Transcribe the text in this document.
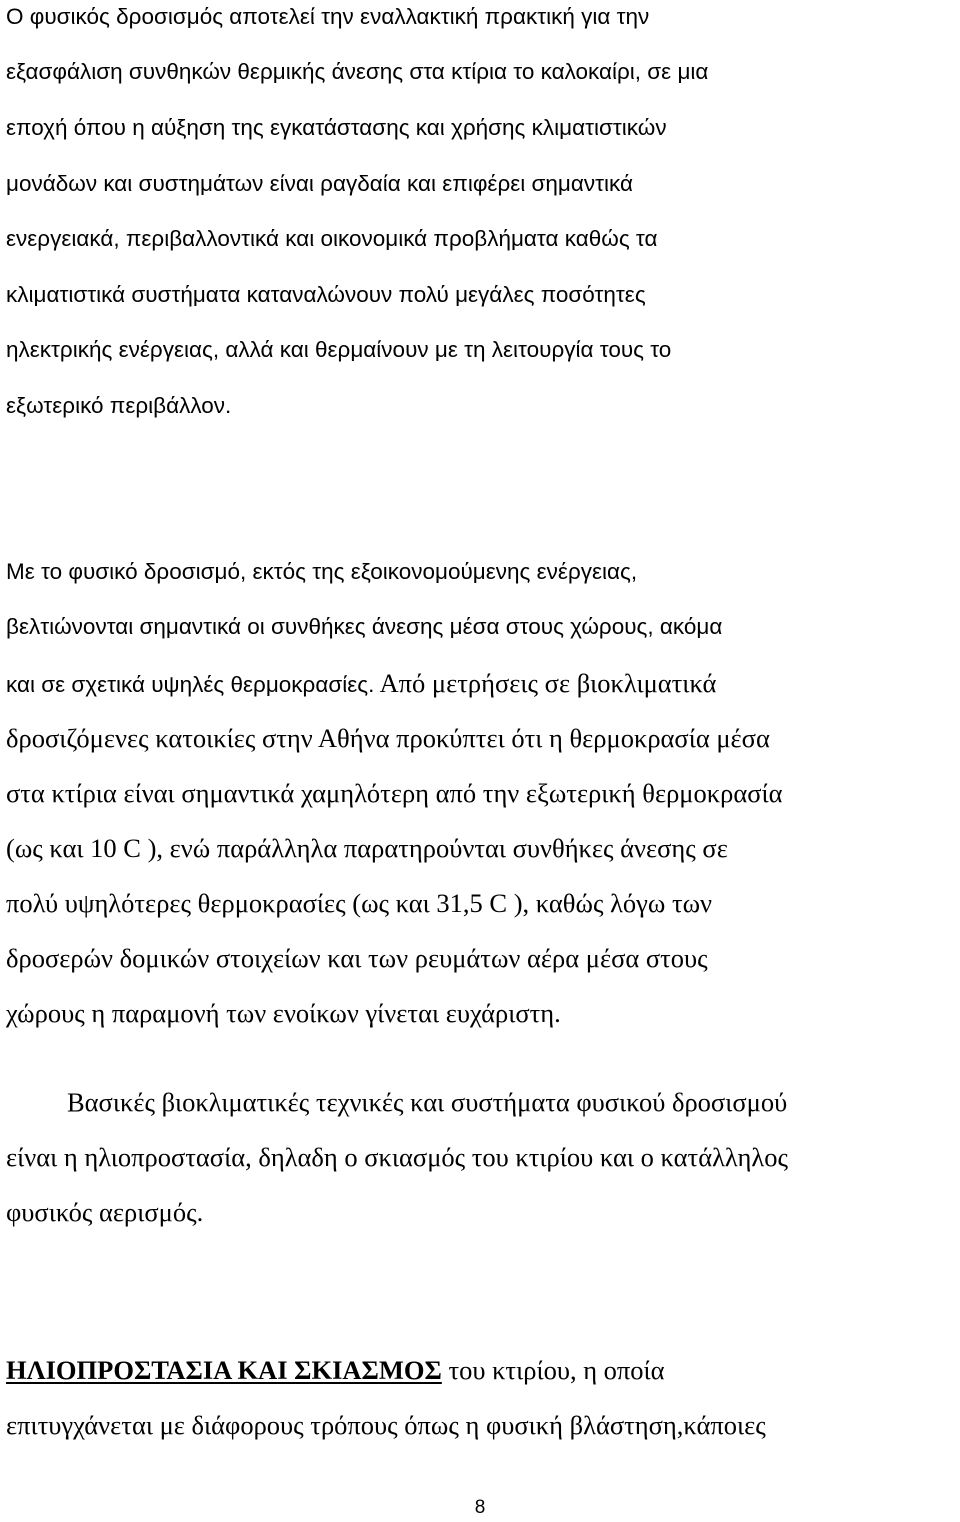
Ο φυσικός δροσισμός αποτελεί την εναλλακτική πρακτική για την

εξασφάλιση συνθηκών θερμικής άνεσης στα κτίρια το καλοκαίρι, σε μια

εποχή όπου η αύξηση της εγκατάστασης και χρήσης κλιματιστικών

μονάδων και συστημάτων είναι ραγδαία και επιφέρει σημαντικά

ενεργειακά, περιβαλλοντικά και οικονομικά προβλήματα καθώς τα

κλιματιστικά συστήματα καταναλώνουν πολύ μεγάλες ποσότητες

ηλεκτρικής ενέργειας, αλλά και θερμαίνουν με τη λειτουργία τους το

εξωτερικό περιβάλλον.

Με το φυσικό δροσισμό, εκτός της εξοικονομούμενης ενέργειας,

βελτιώνονται σημαντικά οι συνθήκες άνεσης μέσα στους χώρους, ακόμα

και σε σχετικά υψηλές θερμοκρασίες. Από μετρήσεις σε βιοκλιματικά

δροσιζόμενες κατοικίες στην Αθήνα προκύπτει ότι η θερμοκρασία μέσα

στα κτίρια είναι σημαντικά χαμηλότερη από την εξωτερική θερμοκρασία

(ως και 10 C ), ενώ παράλληλα παρατηρούνται συνθήκες άνεσης σε

πολύ υψηλότερες θερμοκρασίες (ως και 31,5 C ), καθώς λόγω των

δροσερών δομικών στοιχείων και των ρευμάτων αέρα μέσα στους

χώρους η παραμονή των ενοίκων γίνεται ευχάριστη.

Βασικές βιοκλιματικές τεχνικές και συστήματα φυσικού δροσισμού

είναι η ηλιοπροστασία, δηλαδη ο σκιασμός του κτιρίου και ο κατάλληλος

φυσικός αερισμός.

ΗΛΙΟΠΡΟΣΤΑΣΙΑ ΚΑΙ ΣΚΙΑΣΜΟΣ του κτιρίου, η οποία

επιτυγχάνεται με διάφορους τρόπους όπως η φυσική βλάστηση,κάποιες

8
